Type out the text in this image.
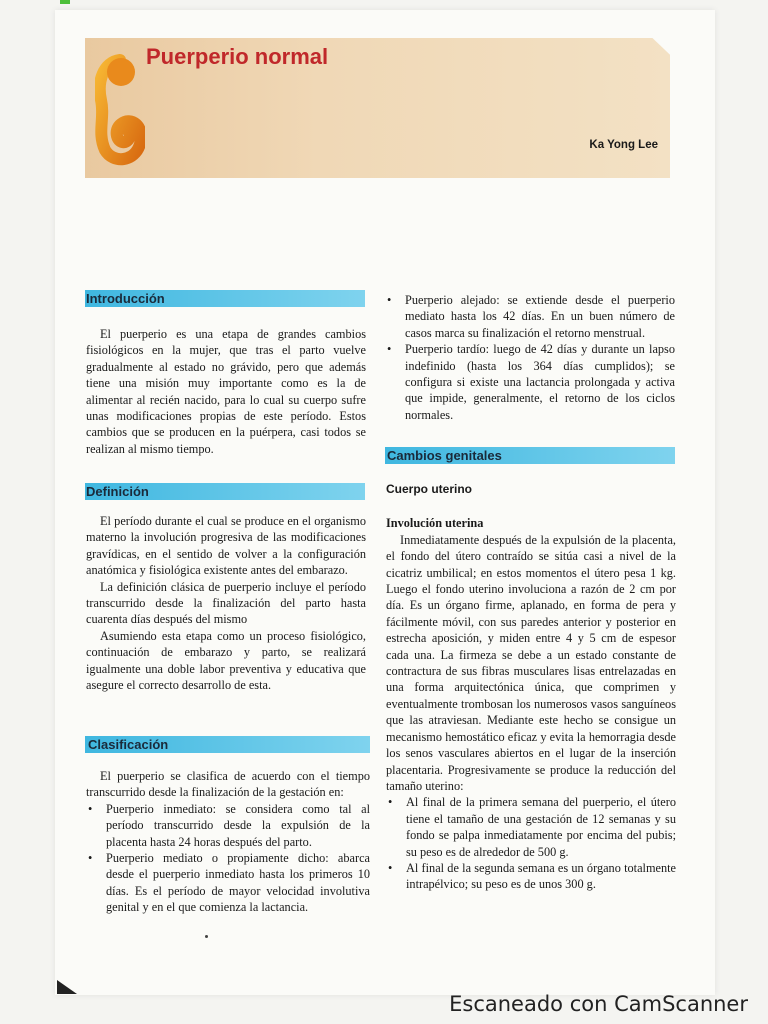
Puerperio normal
Ka Yong Lee
Introducción

El puerperio es una etapa de grandes cambios fisiológicos en la mujer, que tras el parto vuelve gradualmente al estado no grávido, pero que además tiene una misión muy importante como es la de alimentar al recién nacido, para lo cual su cuerpo sufre unas modificaciones propias de este período. Estos cambios que se producen en la puérpera, casi todos se realizan al mismo tiempo.

Definición

El período durante el cual se produce en el organismo materno la involución progresiva de las modificaciones gravídicas, en el sentido de volver a la configuración anatómica y fisiológica existente antes del embarazo.

La definición clásica de puerperio incluye el período transcurrido desde la finalización del parto hasta cuarenta días después del mismo

Asumiendo esta etapa como un proceso fisiológico, continuación de embarazo y parto, se realizará igualmente una doble labor preventiva y educativa que asegure el correcto desarrollo de esta.

Clasificación

El puerperio se clasifica de acuerdo con el tiempo transcurrido desde la finalización de la gestación en:

• Puerperio inmediato: se considera como tal al período transcurrido desde la expulsión de la placenta hasta 24 horas después del parto.

• Puerperio mediato o propiamente dicho: abarca desde el puerperio inmediato hasta los primeros 10 días. Es el período de mayor velocidad involutiva genital y en el que comienza la lactancia.

• Puerperio alejado: se extiende desde el puerperio mediato hasta los 42 días. En un buen número de casos marca su finalización el retorno menstrual.

• Puerperio tardío: luego de 42 días y durante un lapso indefinido (hasta los 364 días cumplidos); se configura si existe una lactancia prolongada y activa que impide, generalmente, el retorno de los ciclos normales.

Cambios genitales

Cuerpo uterino

Involución uterina

Inmediatamente después de la expulsión de la placenta, el fondo del útero contraído se sitúa casi a nivel de la cicatriz umbilical; en estos momentos el útero pesa 1 kg. Luego el fondo uterino involuciona a razón de 2 cm por día. Es un órgano firme, aplanado, en forma de pera y fácilmente móvil, con sus paredes anterior y posterior en estrecha aposición, y miden entre 4 y 5 cm de espesor cada una. La firmeza se debe a un estado constante de contractura de sus fibras musculares lisas entrelazadas en una forma arquitectónica única, que comprimen y eventualmente trombosan los numerosos vasos sanguíneos que las atraviesan. Mediante este hecho se consigue un mecanismo hemostático eficaz y evita la hemorragia desde los senos vasculares abiertos en el lugar de la inserción placentaria. Progresivamente se produce la reducción del tamaño uterino:

• Al final de la primera semana del puerperio, el útero tiene el tamaño de una gestación de 12 semanas y su fondo se palpa inmediatamente por encima del pubis; su peso es de alrededor de 500 g.

• Al final de la segunda semana es un órgano totalmente intrapélvico; su peso es de unos 300 g.

Escaneado con CamScanner
